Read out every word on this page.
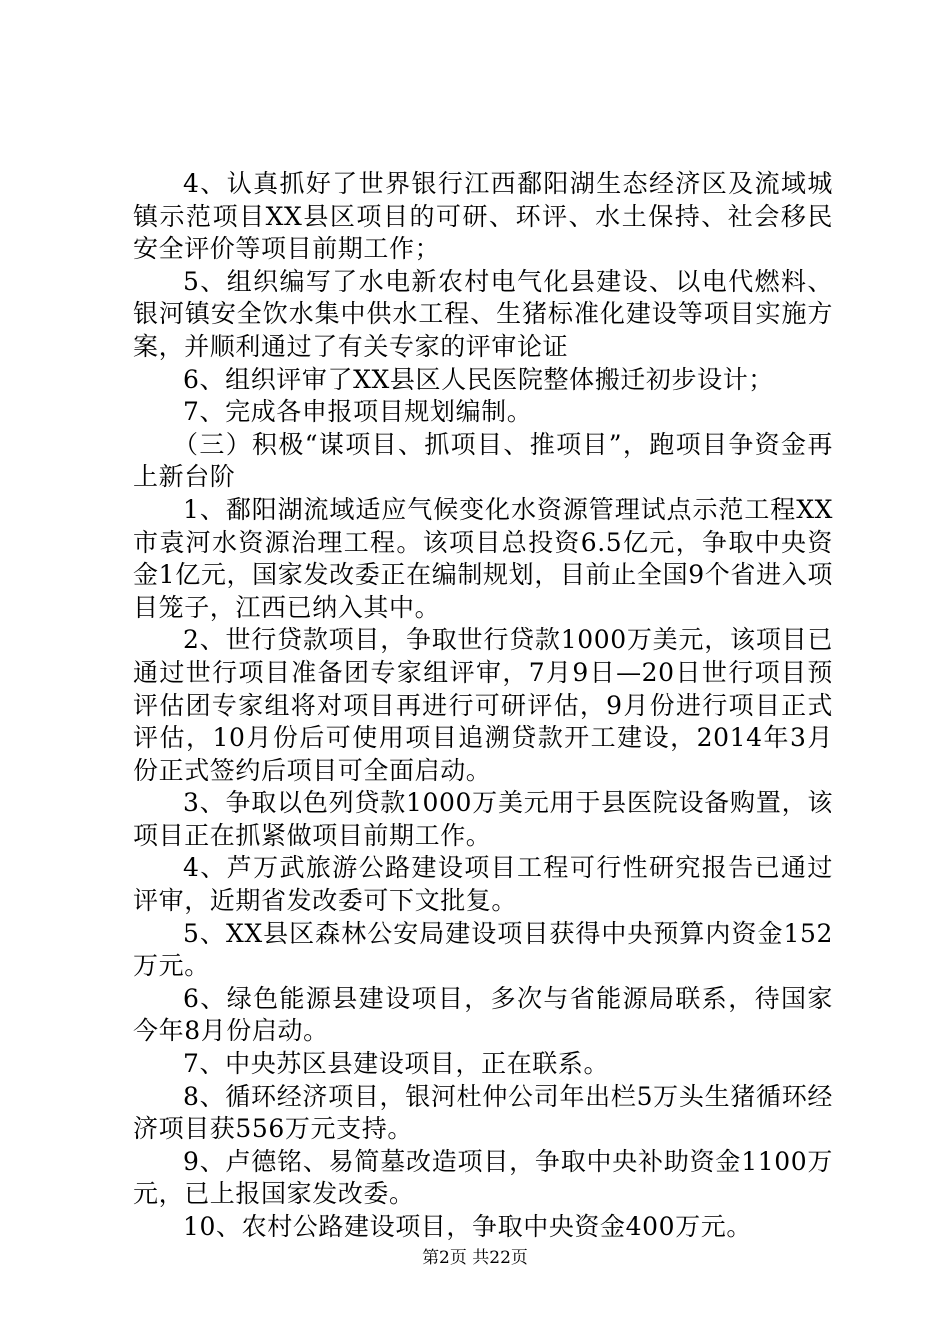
4、认真抓好了世界银行江西鄱阳湖生态经济区及流域城镇示范项目XX县区项目的可研、环评、水土保持、社会移民安全评价等项目前期工作；

5、组织编写了水电新农村电气化县建设、以电代燃料、银河镇安全饮水集中供水工程、生猪标准化建设等项目实施方案，并顺利通过了有关专家的评审论证

6、组织评审了XX县区人民医院整体搬迁初步设计；

7、完成各申报项目规划编制。

（三）积极“谋项目、抓项目、推项目”，跑项目争资金再上新台阶

1、鄱阳湖流域适应气候变化水资源管理试点示范工程XX市袁河水资源治理工程。该项目总投资6.5亿元，争取中央资金1亿元，国家发改委正在编制规划，目前止全国9个省进入项目笼子，江西已纳入其中。

2、世行贷款项目，争取世行贷款1000万美元，该项目已通过世行项目准备团专家组评审，7月9日—20日世行项目预评估团专家组将对项目再进行可研评估，9月份进行项目正式评估，10月份后可使用项目追溯贷款开工建设，2014年3月份正式签约后项目可全面启动。

3、争取以色列贷款1000万美元用于县医院设备购置，该项目正在抓紧做项目前期工作。

4、芦万武旅游公路建设项目工程可行性研究报告已通过评审，近期省发改委可下文批复。

5、XX县区森林公安局建设项目获得中央预算内资金152万元。

6、绿色能源县建设项目，多次与省能源局联系，待国家今年8月份启动。

7、中央苏区县建设项目，正在联系。

8、循环经济项目，银河杜仲公司年出栏5万头生猪循环经济项目获556万元支持。

9、卢德铭、易简墓改造项目，争取中央补助资金1100万元，已上报国家发改委。

10、农村公路建设项目，争取中央资金400万元。

第2页 共22页
